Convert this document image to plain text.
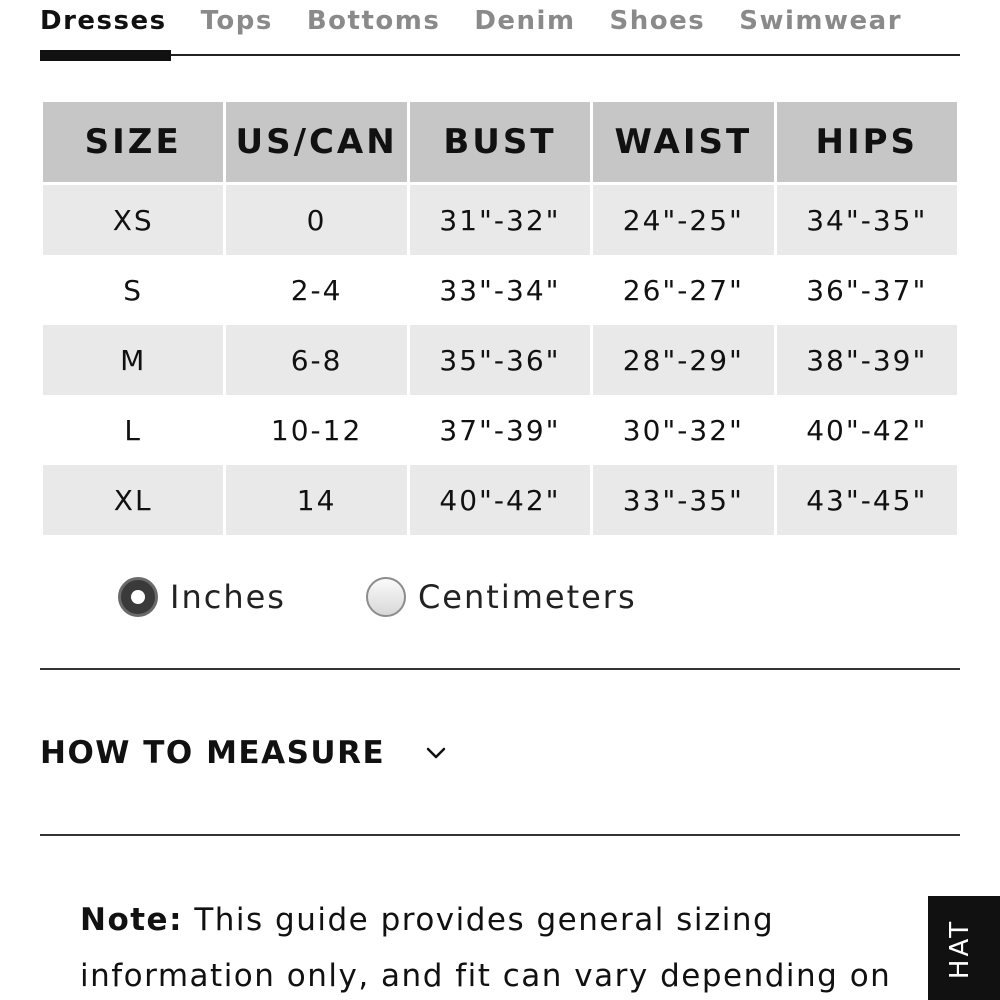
Dresses Tops Bottoms Denim Shoes Swimwear
SIZE	US/CAN	BUST	WAIST	HIPS
XS	0	31"-32"	24"-25"	34"-35"
S	2-4	33"-34"	26"-27"	36"-37"
M	6-8	35"-36"	28"-29"	38"-39"
L	10-12	37"-39"	30"-32"	40"-42"
XL	14	40"-42"	33"-35"	43"-45"
Inches	Centimeters
HOW TO MEASURE
Note: This guide provides general sizing information only, and fit can vary depending on	HAT
